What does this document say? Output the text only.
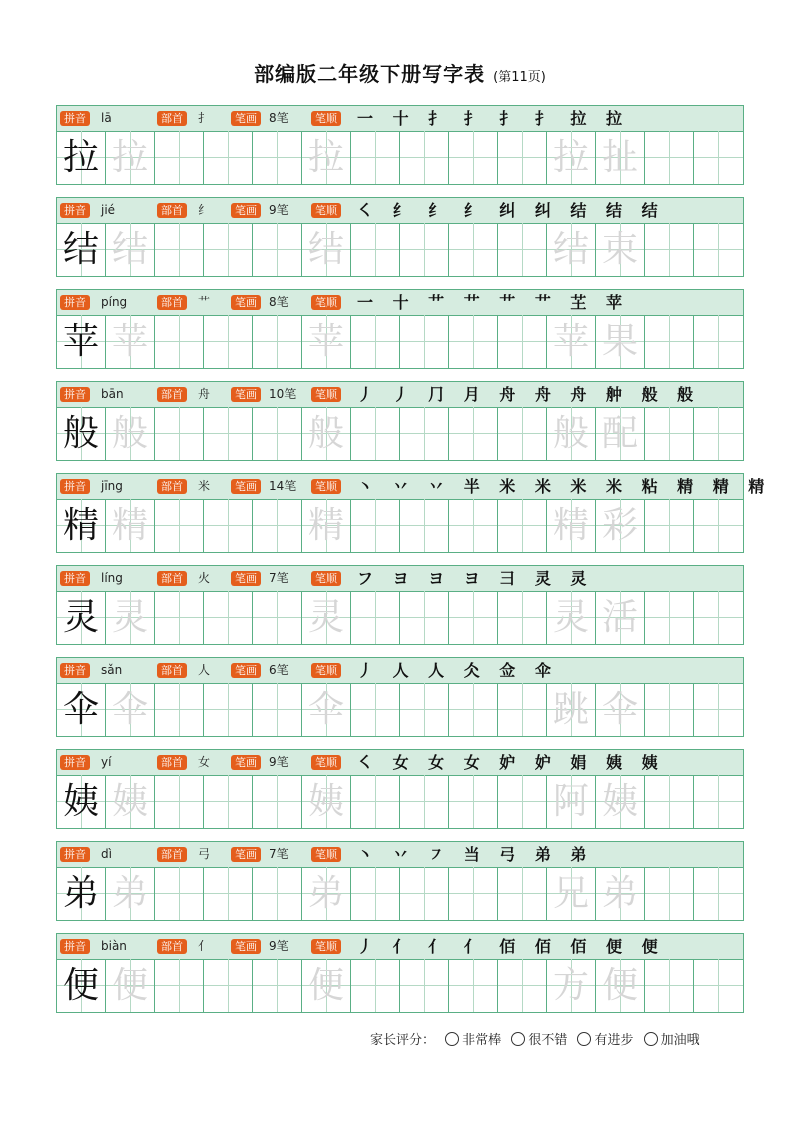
部编版二年级下册写字表 (第11页)
拼音	lā	部首	扌	笔画	8笔	笔顺 一 十 扌 扌 扌 扌 拉 拉
拉 拉	拉	拉 扯
拼音	jié	部首	纟	笔画	9笔	笔顺 ㇛ 纟 纟 纟 纠 纠 结 结 结
结 结	结	结 束
拼音	píng	部首	艹	笔画	8笔	笔顺 一 十 艹 艹 艹 艹 芏 苹
苹 苹	苹	苹 果
拼音	bān	部首	舟	笔画	10笔	笔顺 丿 丿 ⺆ 月 舟 舟 舟 舯 般 般
般 般	般	般 配
拼音	jīng	部首	米	笔画	14笔	笔顺 丶 丷 丷 半 米 米 米 米 粘 精 精 精
精 精	精	精 彩
拼音	líng	部首	火	笔画	7笔	笔顺 フ ヨ ヨ ヨ 彐 灵 灵
灵 灵	灵	灵 活
拼音	sǎn	部首	人	笔画	6笔	笔顺 丿 人 人 仌 佥 伞
伞 伞	伞	跳 伞
拼音	yí	部首	女	笔画	9笔	笔顺 ㇛ 女 女 女 妒 妒 娟 姨 姨
姨 姨	姨	阿 姨
拼音	dì	部首	弓	笔画	7笔	笔顺 丶 丷 ㇇ 当 弓 弟 弟
弟 弟	弟	兄 弟
拼音	biàn	部首	亻	笔画	9笔	笔顺 丿 亻 亻 亻 佰 佰 佰 便 便
便 便	便	方 便
家长评分： 非常棒 很不错 有进步 加油哦
